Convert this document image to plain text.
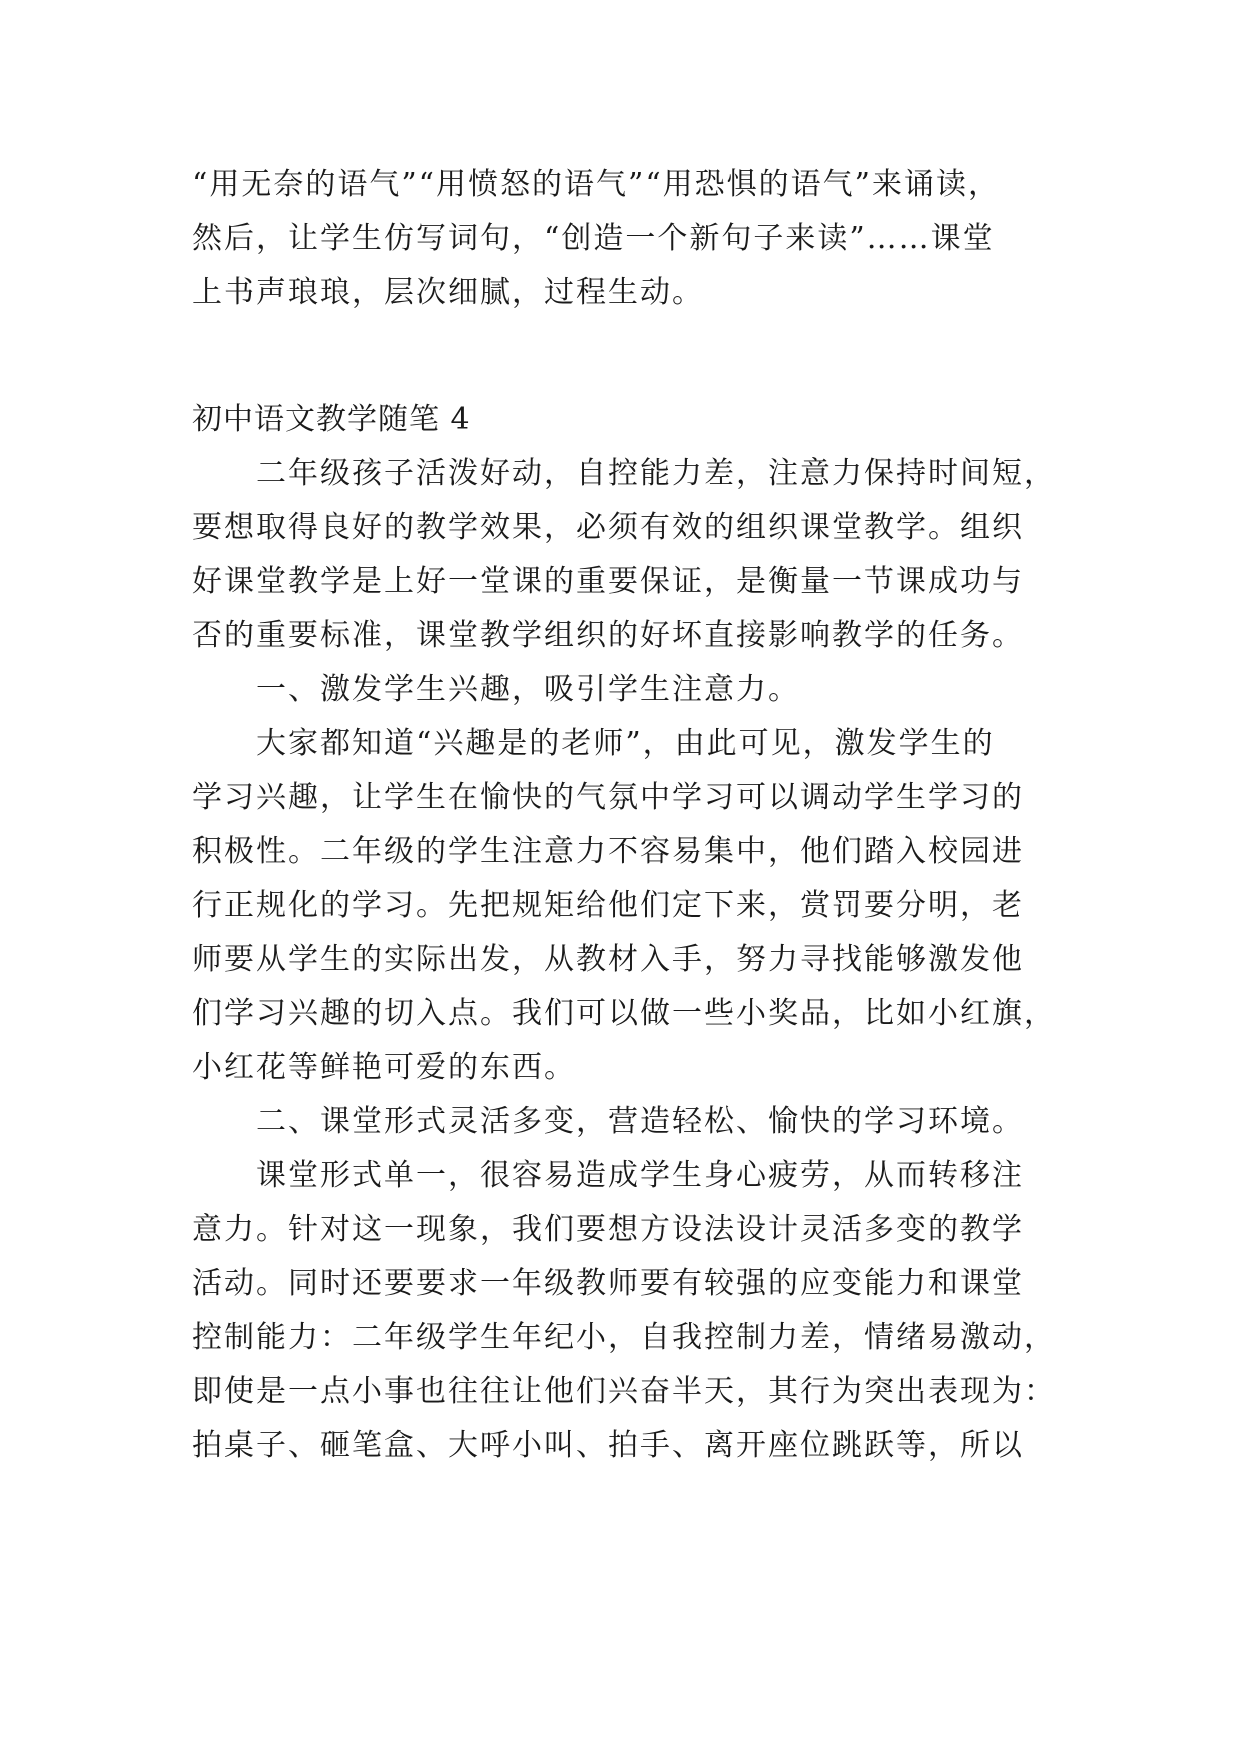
“用无奈的语气”“用愤怒的语气”“用恐惧的语气”来诵读，
然后，让学生仿写词句，“创造一个新句子来读”……课堂
上书声琅琅，层次细腻，过程生动。
初中语文教学随笔 4
二年级孩子活泼好动，自控能力差，注意力保持时间短，
要想取得良好的教学效果，必须有效的组织课堂教学。组织
好课堂教学是上好一堂课的重要保证，是衡量一节课成功与
否的重要标准，课堂教学组织的好坏直接影响教学的任务。
一、激发学生兴趣，吸引学生注意力。
大家都知道“兴趣是的老师”，由此可见，激发学生的
学习兴趣，让学生在愉快的气氛中学习可以调动学生学习的
积极性。二年级的学生注意力不容易集中，他们踏入校园进
行正规化的学习。先把规矩给他们定下来，赏罚要分明，老
师要从学生的实际出发，从教材入手，努力寻找能够激发他
们学习兴趣的切入点。我们可以做一些小奖品，比如小红旗，
小红花等鲜艳可爱的东西。
二、课堂形式灵活多变，营造轻松、愉快的学习环境。
课堂形式单一，很容易造成学生身心疲劳，从而转移注
意力。针对这一现象，我们要想方设法设计灵活多变的教学
活动。同时还要要求一年级教师要有较强的应变能力和课堂
控制能力：二年级学生年纪小，自我控制力差，情绪易激动，
即使是一点小事也往往让他们兴奋半天，其行为突出表现为：
拍桌子、砸笔盒、大呼小叫、拍手、离开座位跳跃等，所以
